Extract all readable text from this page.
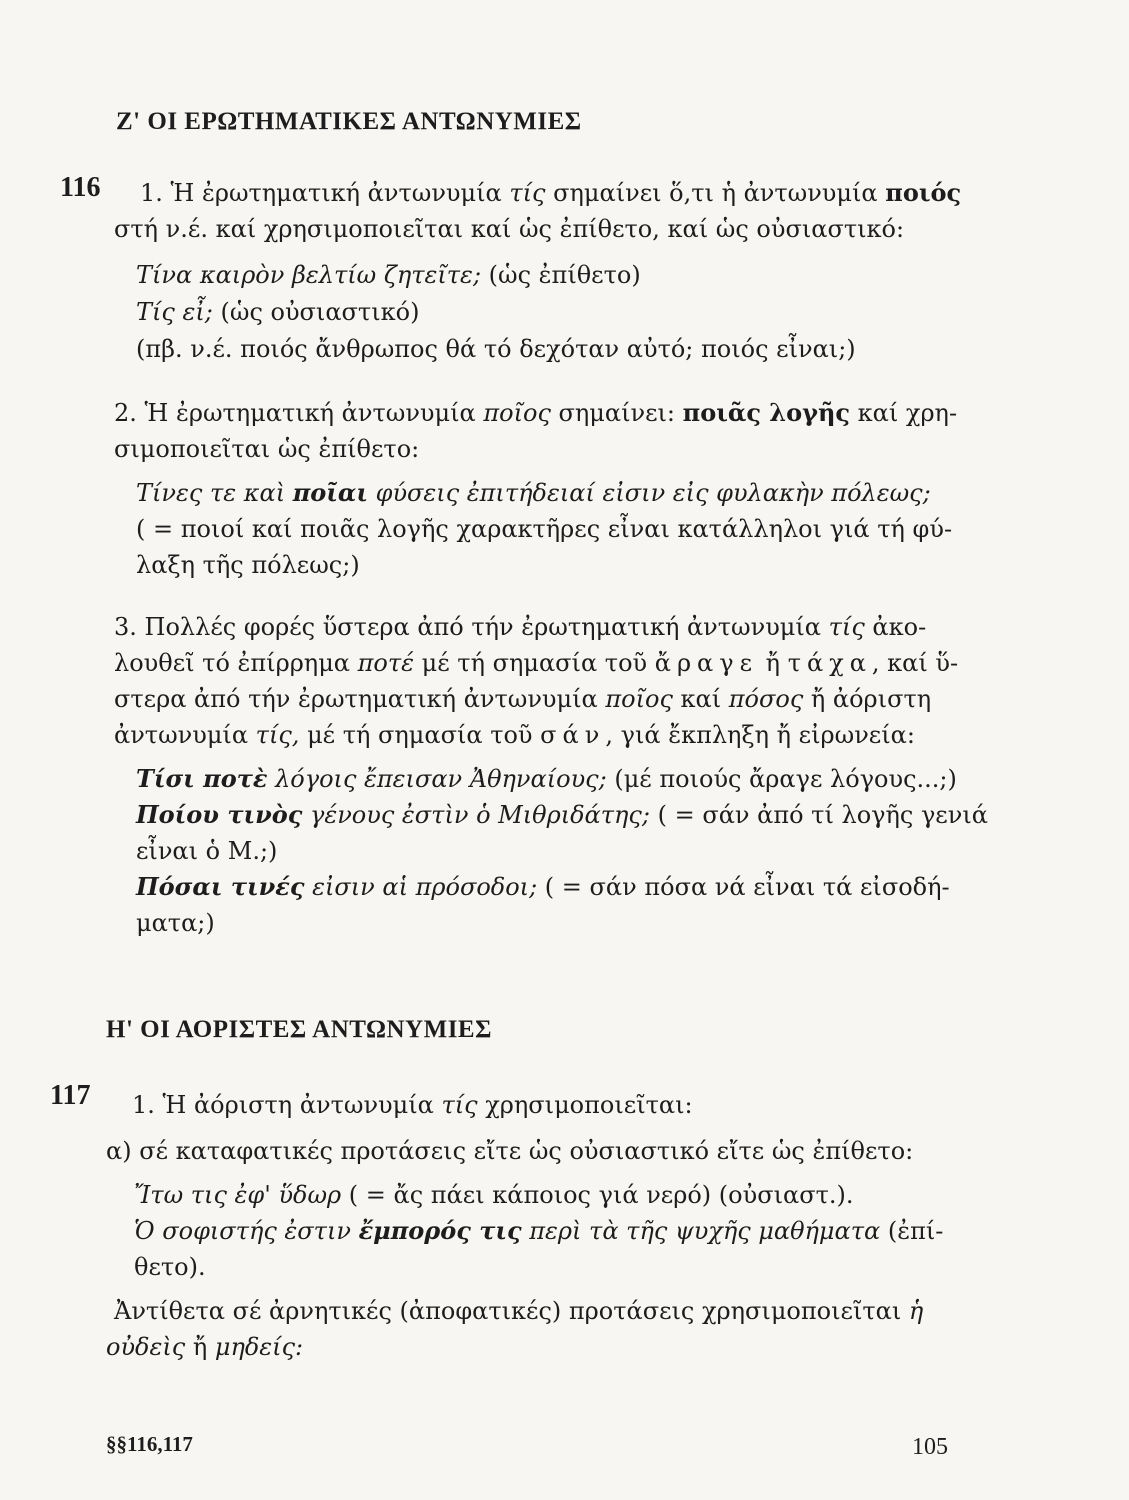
Ζ' ΟΙ ΕΡΩΤΗΜΑΤΙΚΕΣ ΑΝΤΩΝΥΜΙΕΣ
116 1. Ἡ ἐρωτηματική ἀντωνυμία τίς σημαίνει ὅ,τι ἡ ἀντωνυμία ποιός
στή ν.έ. καί χρησιμοποιεῖται καί ὡς ἐπίθετο, καί ὡς οὐσιαστικό:
Τίνα καιρὸν βελτίω ζητεῖτε; (ὡς ἐπίθετο)
Τίς εἶ; (ὡς οὐσιαστικό)
(πβ. ν.έ. ποιός ἄνθρωπος θά τό δεχόταν αὐτό; ποιός εἶναι;)
2. Ἡ ἐρωτηματική ἀντωνυμία ποῖος σημαίνει: ποιᾶς λογῆς καί χρη-
σιμοποιεῖται ὡς ἐπίθετο:
Τίνες τε καὶ ποῖαι φύσεις ἐπιτήδειαί εἰσιν εἰς φυλακὴν πόλεως;
( = ποιοί καί ποιᾶς λογῆς χαρακτῆρες εἶναι κατάλληλοι γιά τή φύ-
λαξη τῆς πόλεως;)
3. Πολλές φορές ὕστερα ἀπό τήν ἐρωτηματική ἀντωνυμία τίς ἀκο-
λουθεῖ τό ἐπίρρημα ποτέ μέ τή σημασία τοῦ ἄραγε ἤ τάχα, καί ὕ-
στερα ἀπό τήν ἐρωτηματική ἀντωνυμία ποῖος καί πόσος ἤ ἀόριστη
ἀντωνυμία τίς, μέ τή σημασία τοῦ σάν, γιά ἔκπληξη ἤ εἰρωνεία:
Τίσι ποτὲ λόγοις ἔπεισαν Ἀθηναίους; (μέ ποιούς ἄραγε λόγους...;)
Ποίου τινὸς γένους ἐστὶν ὁ Μιθριδάτης; ( = σάν ἀπό τί λογῆς γενιά
εἶναι ὁ Μ.;)
Πόσαι τινές εἰσιν αἱ πρόσοδοι; ( = σάν πόσα νά εἶναι τά εἰσοδή-
ματα;)
Η' ΟΙ ΑΟΡΙΣΤΕΣ ΑΝΤΩΝΥΜΙΕΣ
117 1. Ἡ ἀόριστη ἀντωνυμία τίς χρησιμοποιεῖται:
α) σέ καταφατικές προτάσεις εἴτε ὡς οὐσιαστικό εἴτε ὡς ἐπίθετο:
Ἴτω τις ἐφ' ὕδωρ ( = ἄς πάει κάποιος γιά νερό) (οὐσιαστ.).
Ὁ σοφιστής ἐστιν ἔμπορός τις περὶ τὰ τῆς ψυχῆς μαθήματα (ἐπί-
θετο).
Ἀντίθετα σέ ἀρνητικές (ἀποφατικές) προτάσεις χρησιμοποιεῖται ἡ
οὐδεὶς ἤ μηδείς:
§§116,117	105
